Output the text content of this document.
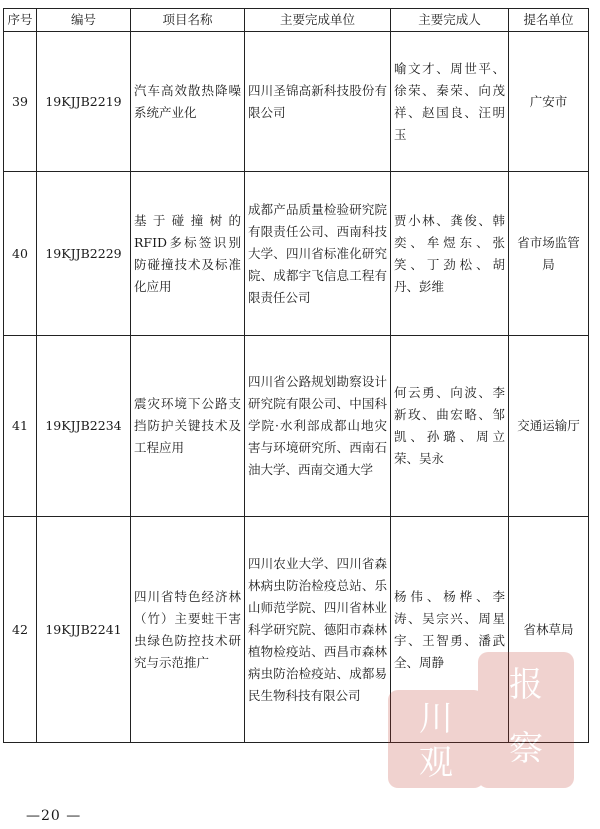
序号	编号	项目名称	主要完成单位	主要完成人	提名单位
39	19KJJB2219	汽车高效散热降噪系统产业化	四川圣锦高新科技股份有限公司	喻文才、周世平、徐荣、秦荣、向茂祥、赵国良、汪明玉	广安市
40	19KJJB2229	基于碰撞树的RFID多标签识别防碰撞技术及标准化应用	成都产品质量检验研究院有限责任公司、西南科技大学、四川省标准化研究院、成都宇飞信息工程有限责任公司	贾小林、龚俊、韩奕、牟煜东、张笑、丁劲松、胡丹、彭维	省市场监管局
41	19KJJB2234	震灾环境下公路支挡防护关键技术及工程应用	四川省公路规划勘察设计研究院有限公司、中国科学院·水利部成都山地灾害与环境研究所、西南石油大学、西南交通大学	何云勇、向波、李新玫、曲宏略、邹凯、孙璐、周立荣、吴永	交通运输厅
42	19KJJB2241	四川省特色经济林（竹）主要蛀干害虫绿色防控技术研究与示范推广	四川农业大学、四川省森林病虫防治检疫总站、乐山师范学院、四川省林业科学研究院、德阳市森林植物检疫站、西昌市森林病虫防治检疫站、成都易民生物科技有限公司	杨伟、杨桦、李涛、吴宗兴、周星宇、王智勇、潘武全、周静	省林草局
川
报
观 察
—20 —
